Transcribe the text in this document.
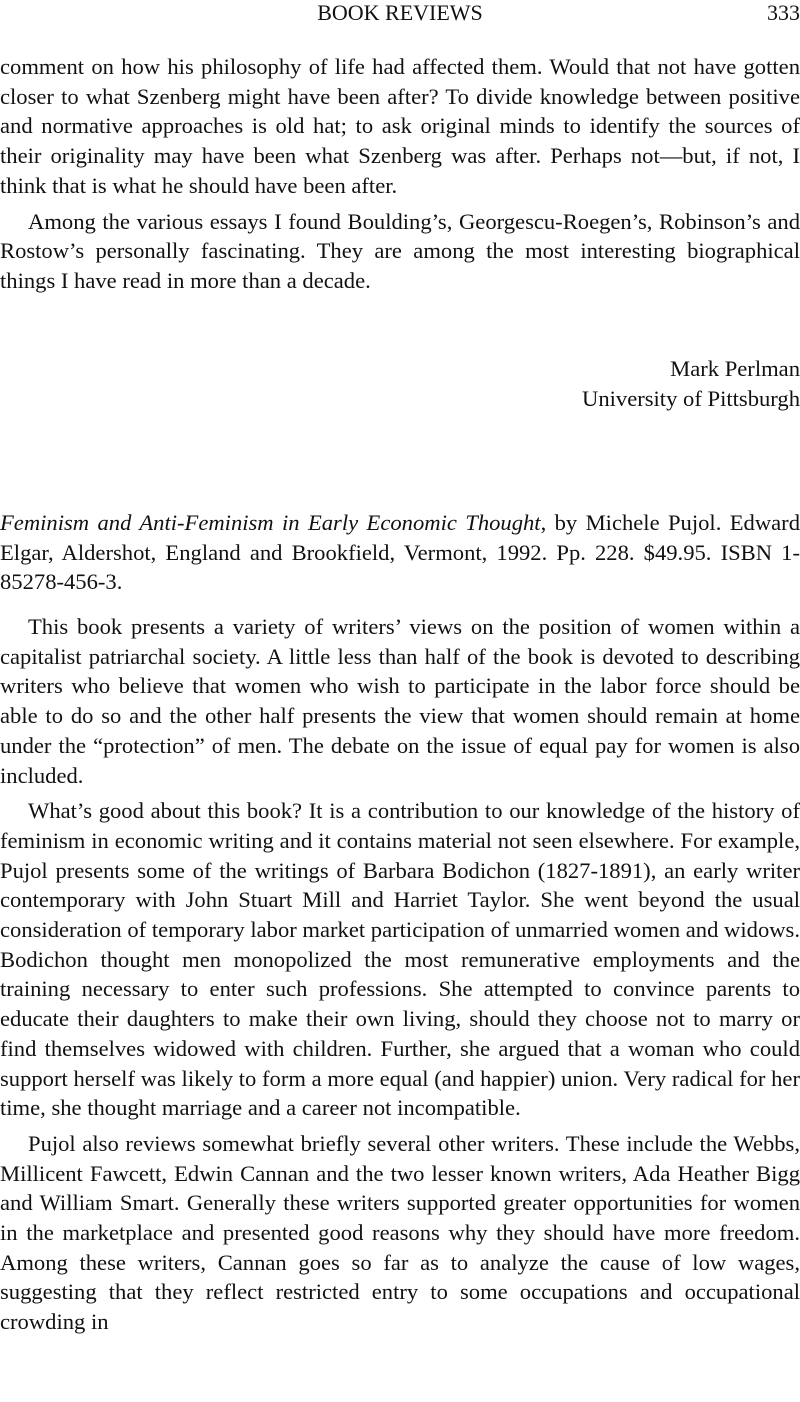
BOOK REVIEWS	333

comment on how his philosophy of life had affected them. Would that not have gotten closer to what Szenberg might have been after? To divide knowledge between positive and normative approaches is old hat; to ask original minds to identify the sources of their originality may have been what Szenberg was after. Perhaps not—but, if not, I think that is what he should have been after.

Among the various essays I found Boulding’s, Georgescu-Roegen’s, Robinson’s and Rostow’s personally fascinating. They are among the most interesting biographical things I have read in more than a decade.

Mark Perlman
University of Pittsburgh

Feminism and Anti-Feminism in Early Economic Thought, by Michele Pujol. Edward Elgar, Aldershot, England and Brookfield, Vermont, 1992. Pp. 228. $49.95. ISBN 1-85278-456-3.

This book presents a variety of writers’ views on the position of women within a capitalist patriarchal society. A little less than half of the book is devoted to describing writers who believe that women who wish to participate in the labor force should be able to do so and the other half presents the view that women should remain at home under the “protection” of men. The debate on the issue of equal pay for women is also included.

What’s good about this book? It is a contribution to our knowledge of the history of feminism in economic writing and it contains material not seen elsewhere. For example, Pujol presents some of the writings of Barbara Bodichon (1827-1891), an early writer contemporary with John Stuart Mill and Harriet Taylor. She went beyond the usual consideration of temporary labor market participation of unmarried women and widows. Bodichon thought men monopolized the most remunerative employments and the training necessary to enter such professions. She attempted to convince parents to educate their daughters to make their own living, should they choose not to marry or find themselves widowed with children. Further, she argued that a woman who could support herself was likely to form a more equal (and happier) union. Very radical for her time, she thought marriage and a career not incompatible.

Pujol also reviews somewhat briefly several other writers. These include the Webbs, Millicent Fawcett, Edwin Cannan and the two lesser known writers, Ada Heather Bigg and William Smart. Generally these writers supported greater opportunities for women in the marketplace and presented good reasons why they should have more freedom. Among these writers, Cannan goes so far as to analyze the cause of low wages, suggesting that they reflect restricted entry to some occupations and occupational crowding in
